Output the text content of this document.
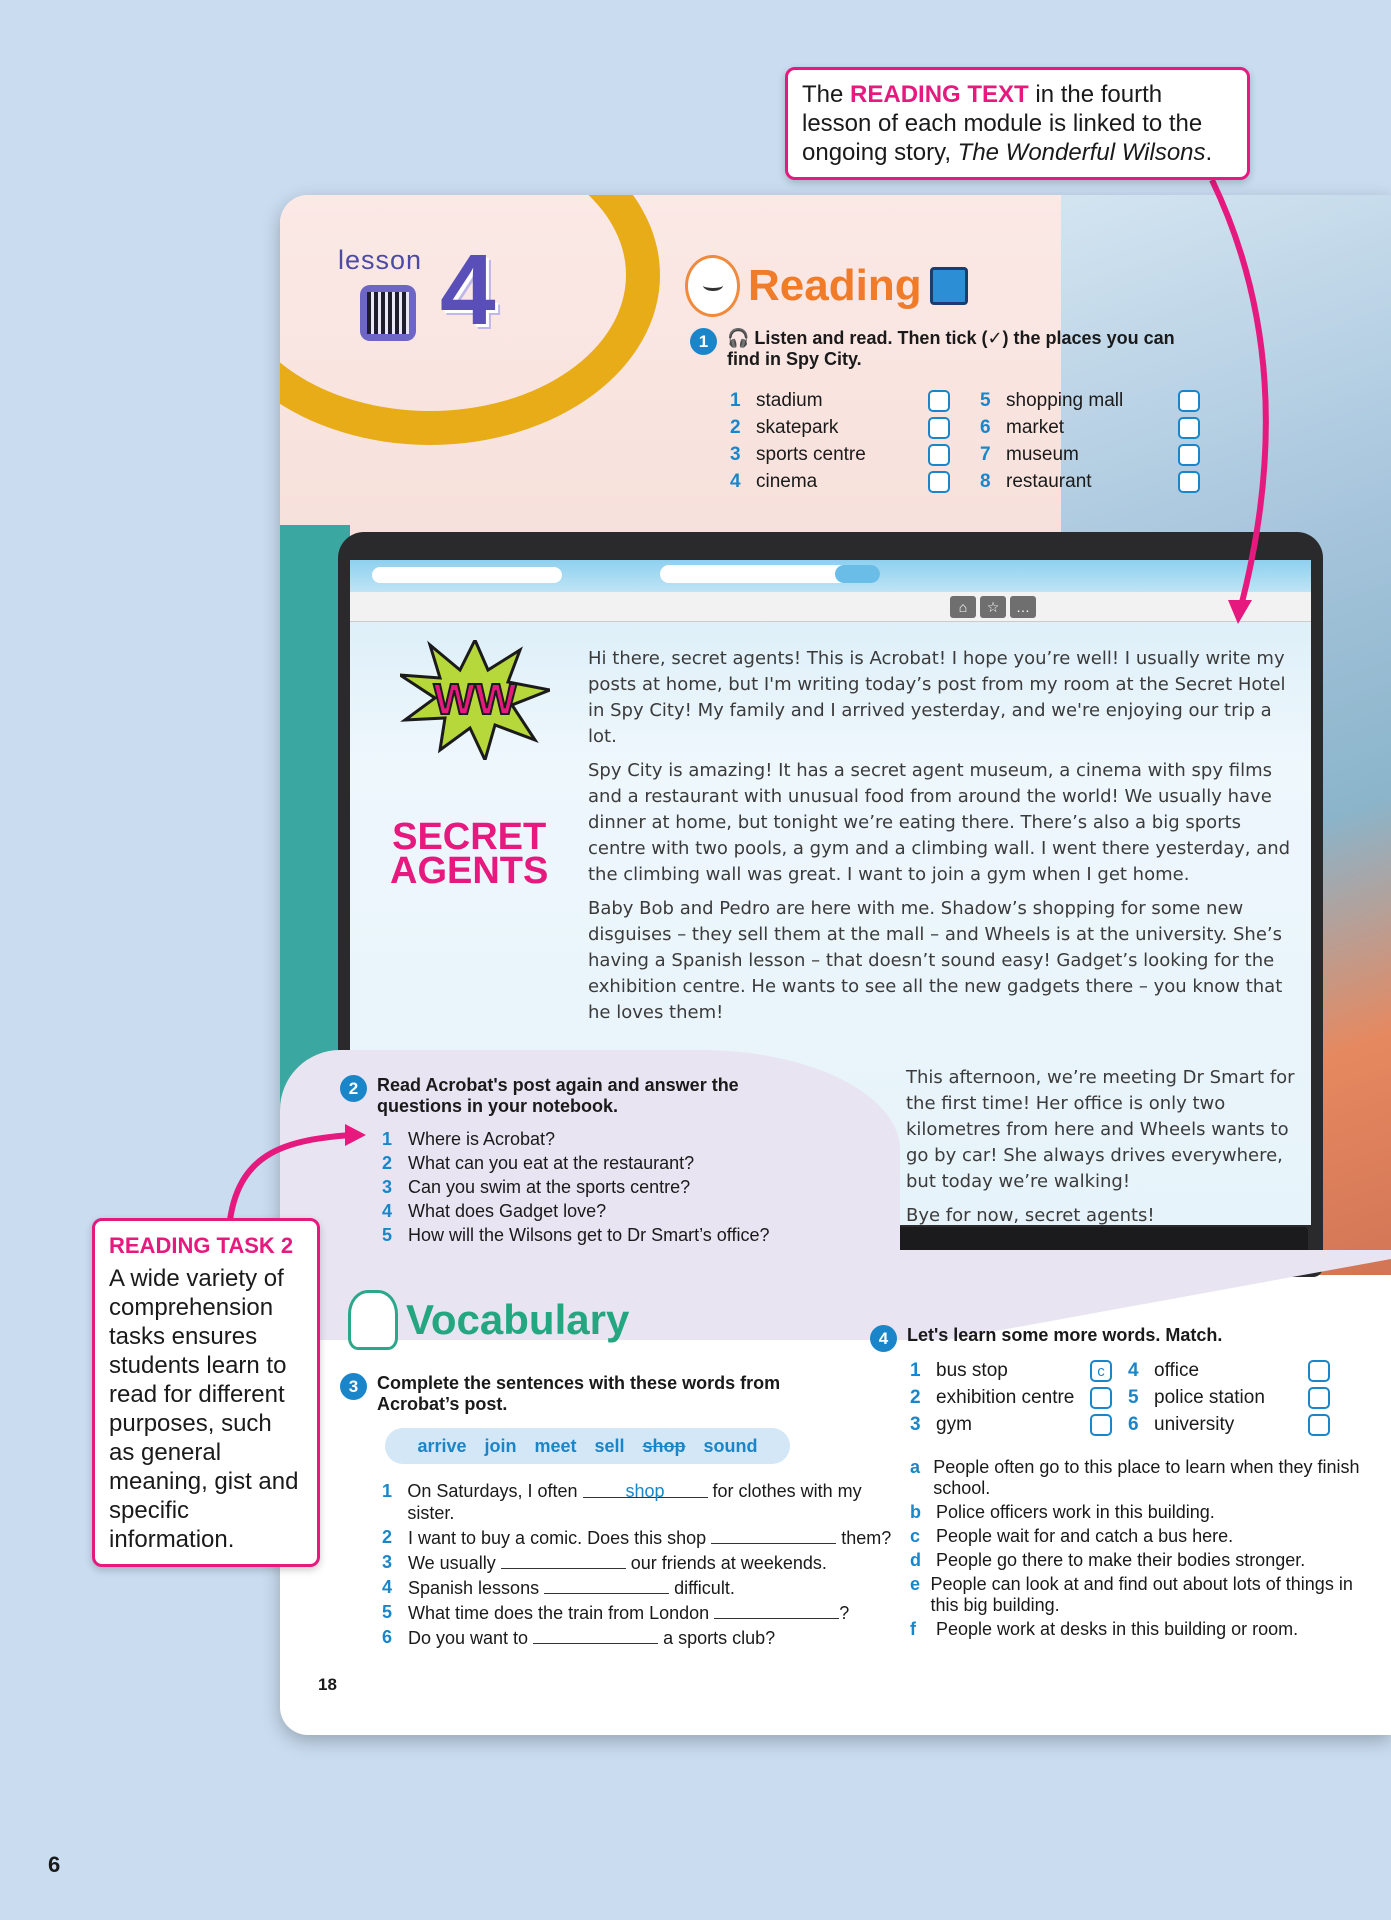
lesson 4	Reading
1	🎧 Listen and read. Then tick (✓) the places you can find in Spy City.
1 stadium	5 shopping mall
2 skatepark	6 market
3 sports centre	7 museum
4 cinema	8 restaurant
⌂	☆	…
WW
SECRET
AGENTS

Hi there, secret agents! This is Acrobat! I hope you’re well! I usually write my posts at home, but I'm writing today’s post from my room at the Secret Hotel in Spy City! My family and I arrived yesterday, and we're enjoying our trip a lot.

Spy City is amazing! It has a secret agent museum, a cinema with spy films and a restaurant with unusual food from around the world! We usually have dinner at home, but tonight we’re eating there. There’s also a big sports centre with two pools, a gym and a climbing wall. I went there yesterday, and the climbing wall was great. I want to join a gym when I get home.

Baby Bob and Pedro are here with me. Shadow’s shopping for some new disguises – they sell them at the mall – and Wheels is at the university. She’s having a Spanish lesson – that doesn’t sound easy! Gadget’s looking for the exhibition centre. He wants to see all the new gadgets there – you know that he loves them!

This afternoon, we’re meeting Dr Smart for the first time! Her office is only two kilometres from here and Wheels wants to go by car! She always drives everywhere, but today we’re walking!

Bye for now, secret agents!

2	Read Acrobat's post again and answer the questions in your notebook.
1 Where is Acrobat?
2 What can you eat at the restaurant?
3 Can you swim at the sports centre?
4 What does Gadget love?
5 How will the Wilsons get to Dr Smart’s office?
Vocabulary
3	Complete the sentences with these words from Acrobat’s post.
arrive join meet sell shop sound
1 On Saturdays, I often	shop	for clothes with my sister.
2 I want to buy a comic. Does this shop	them?
3 We usually	our friends at weekends.
4 Spanish lessons	difficult.
5 What time does the train from London	?
6 Do you want to	a sports club?
4	Let's learn some more words. Match.
1 bus stop	c	4 office
2 exhibition centre	5 police station
3 gym	6 university
a People often go to this place to learn when they finish school.
b Police officers work in this building.
c People wait for and catch a bus here.
d People go there to make their bodies stronger.
e People can look at and find out about lots of things in this big building.
f	People work at desks in this building or room.
18
The READING TEXT in the fourth lesson of each module is linked to the ongoing story, The Wonderful Wilsons.
READING TASK 2
A wide variety of comprehension tasks ensures students learn to read for different purposes, such as general meaning, gist and specific information.
6
